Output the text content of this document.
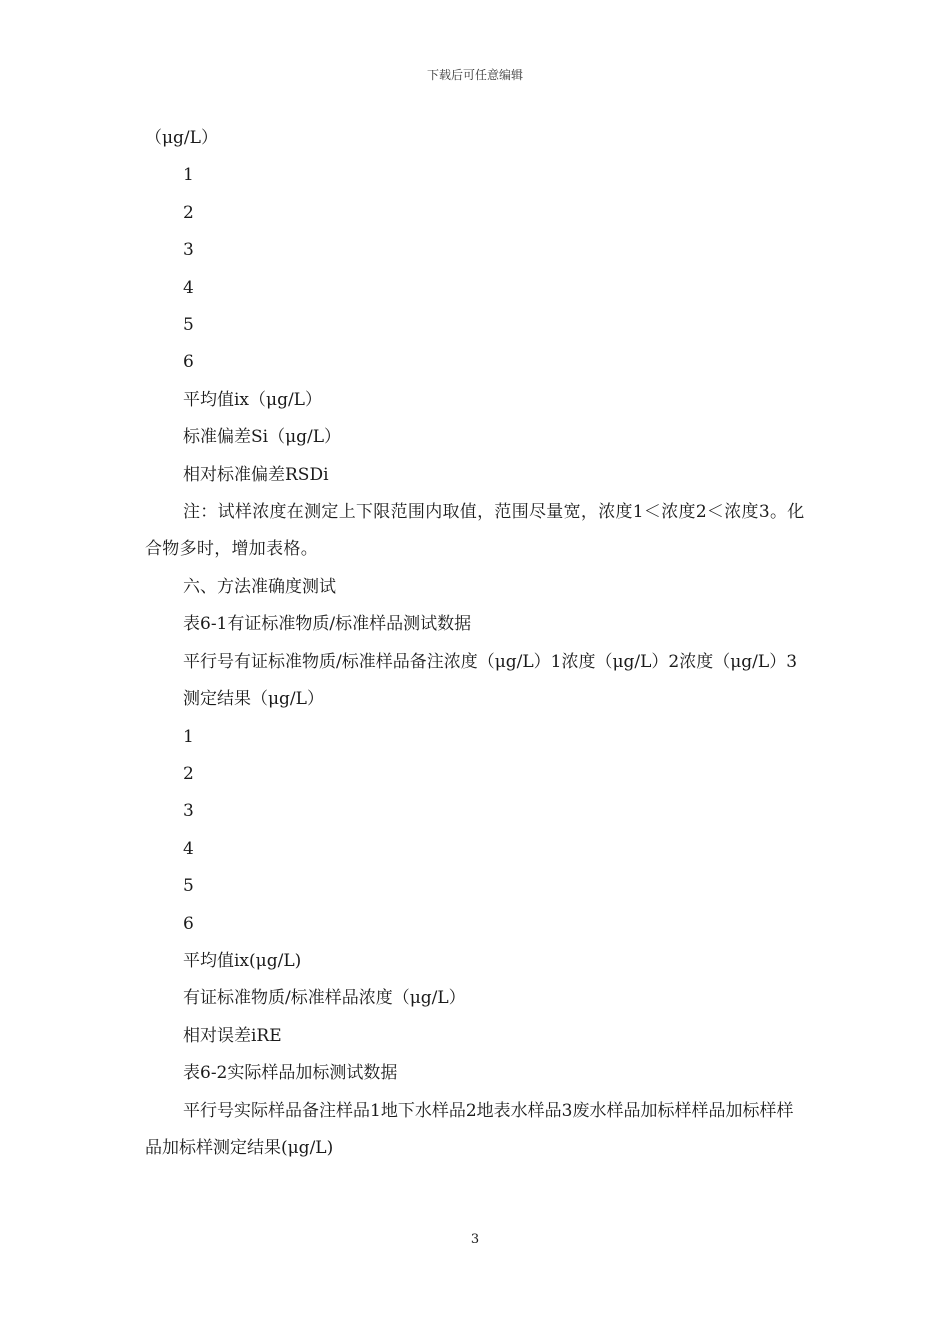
下载后可任意编辑

（μg/L）

1

2

3

4

5

6

平均值ix（μg/L）

标准偏差Si（μg/L）

相对标准偏差RSDi

注：试样浓度在测定上下限范围内取值，范围尽量宽，浓度1＜浓度2＜浓度3。化合物多时，增加表格。

六、方法准确度测试

表6-1有证标准物质/标准样品测试数据

平行号有证标准物质/标准样品备注浓度（μg/L）1浓度（μg/L）2浓度（μg/L）3

测定结果（μg/L）

1

2

3

4

5

6

平均值ix(μg/L)

有证标准物质/标准样品浓度（μg/L）

相对误差iRE

表6-2实际样品加标测试数据

平行号实际样品备注样品1地下水样品2地表水样品3废水样品加标样样品加标样样品加标样测定结果(μg/L)

3
